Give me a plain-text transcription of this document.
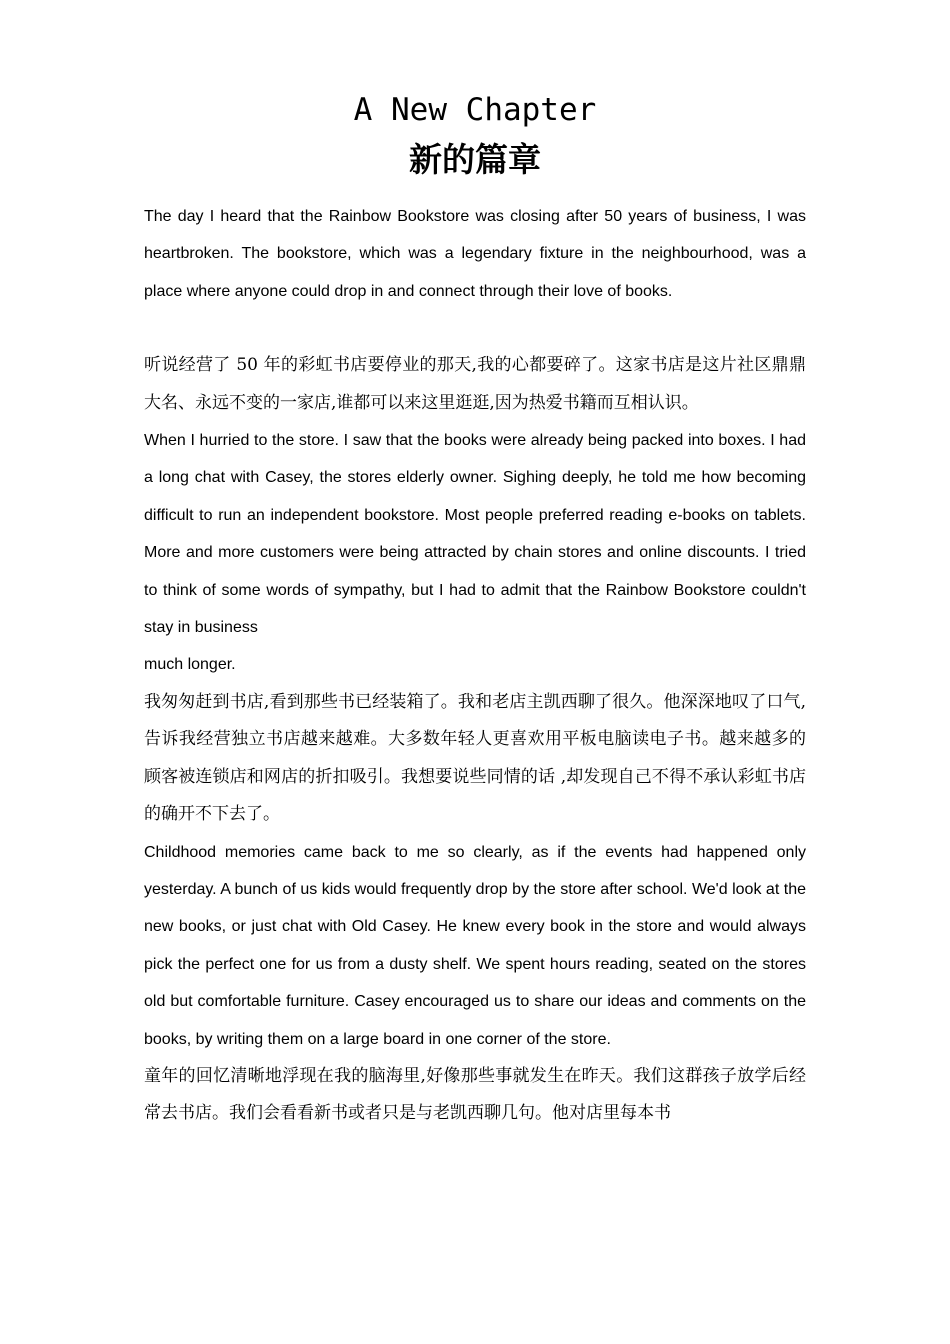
A New Chapter
新的篇章

The day I heard that the Rainbow Bookstore was closing after 50 years of business, I was heartbroken. The bookstore, which was a legendary fixture in the neighbourhood, was a place where anyone could drop in and connect through their love of books.

听说经营了 50 年的彩虹书店要停业的那天,我的心都要碎了。这家书店是这片社区鼎鼎大名、永远不变的一家店,谁都可以来这里逛逛,因为热爱书籍而互相认识。

When I hurried to the store. I saw that the books were already being packed into boxes. I had a long chat with Casey, the stores elderly owner. Sighing deeply, he told me how becoming difficult to run an independent bookstore. Most people preferred reading e-books on tablets. More and more customers were being attracted by chain stores and online discounts. I tried to think of some words of sympathy, but I had to admit that the Rainbow Bookstore couldn't stay in business

much longer.

我匆匆赶到书店,看到那些书已经装箱了。我和老店主凯西聊了很久。他深深地叹了口气,告诉我经营独立书店越来越难。大多数年轻人更喜欢用平板电脑读电子书。越来越多的顾客被连锁店和网店的折扣吸引。我想要说些同情的话 ,却发现自己不得不承认彩虹书店的确开不下去了。

Childhood memories came back to me so clearly, as if the events had happened only yesterday. A bunch of us kids would frequently drop by the store after school. We'd look at the new books, or just chat with Old Casey. He knew every book in the store and would always pick the perfect one for us from a dusty shelf. We spent hours reading, seated on the stores old but comfortable furniture. Casey encouraged us to share our ideas and comments on the books, by writing them on a large board in one corner of the store.

童年的回忆清晰地浮现在我的脑海里,好像那些事就发生在昨天。我们这群孩子放学后经常去书店。我们会看看新书或者只是与老凯西聊几句。他对店里每本书
